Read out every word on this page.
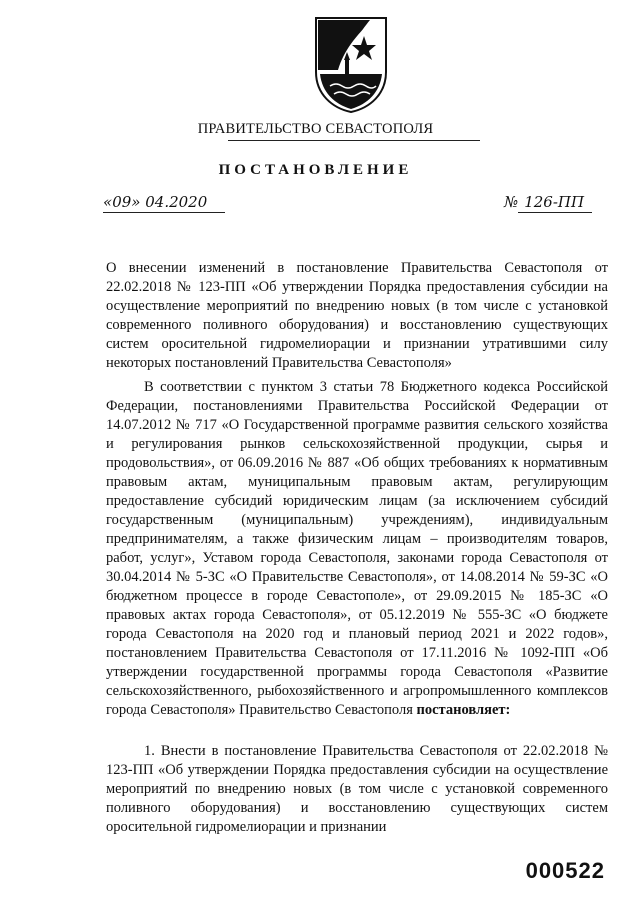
ПРАВИТЕЛЬСТВО СЕВАСТОПОЛЯ
ПОСТАНОВЛЕНИЕ
«09» 04.2020	№ 126-ПП

О внесении изменений в постановление Правительства Севастополя от 22.02.2018 № 123-ПП «Об утверждении Порядка предоставления субсидии на осуществление мероприятий по внедрению новых (в том числе с установкой современного поливного оборудования) и восстановлению существующих систем оросительной гидромелиорации и признании утратившими силу некоторых постановлений Правительства Севастополя»

В соответствии с пунктом 3 статьи 78 Бюджетного кодекса Российской Федерации, постановлениями Правительства Российской Федерации от 14.07.2012 № 717 «О Государственной программе развития сельского хозяйства и регулирования рынков сельскохозяйственной продукции, сырья и продовольствия», от 06.09.2016 № 887 «Об общих требованиях к нормативным правовым актам, муниципальным правовым актам, регулирующим предоставление субсидий юридическим лицам (за исключением субсидий государственным (муниципальным) учреждениям), индивидуальным предпринимателям, а также физическим лицам – производителям товаров, работ, услуг», Уставом города Севастополя, законами города Севастополя от 30.04.2014 № 5-ЗС «О Правительстве Севастополя», от 14.08.2014 № 59-ЗС «О бюджетном процессе в городе Севастополе», от 29.09.2015 № 185-ЗС «О правовых актах города Севастополя», от 05.12.2019 № 555-ЗС «О бюджете города Севастополя на 2020 год и плановый период 2021 и 2022 годов», постановлением Правительства Севастополя от 17.11.2016 № 1092-ПП «Об утверждении государственной программы города Севастополя «Развитие сельскохозяйственного, рыбохозяйственного и агропромышленного комплексов города Севастополя» Правительство Севастополя постановляет:

1. Внести в постановление Правительства Севастополя от 22.02.2018 № 123-ПП «Об утверждении Порядка предоставления субсидии на осуществление мероприятий по внедрению новых (в том числе с установкой современного поливного оборудования) и восстановлению существующих систем оросительной гидромелиорации и признании

000522
